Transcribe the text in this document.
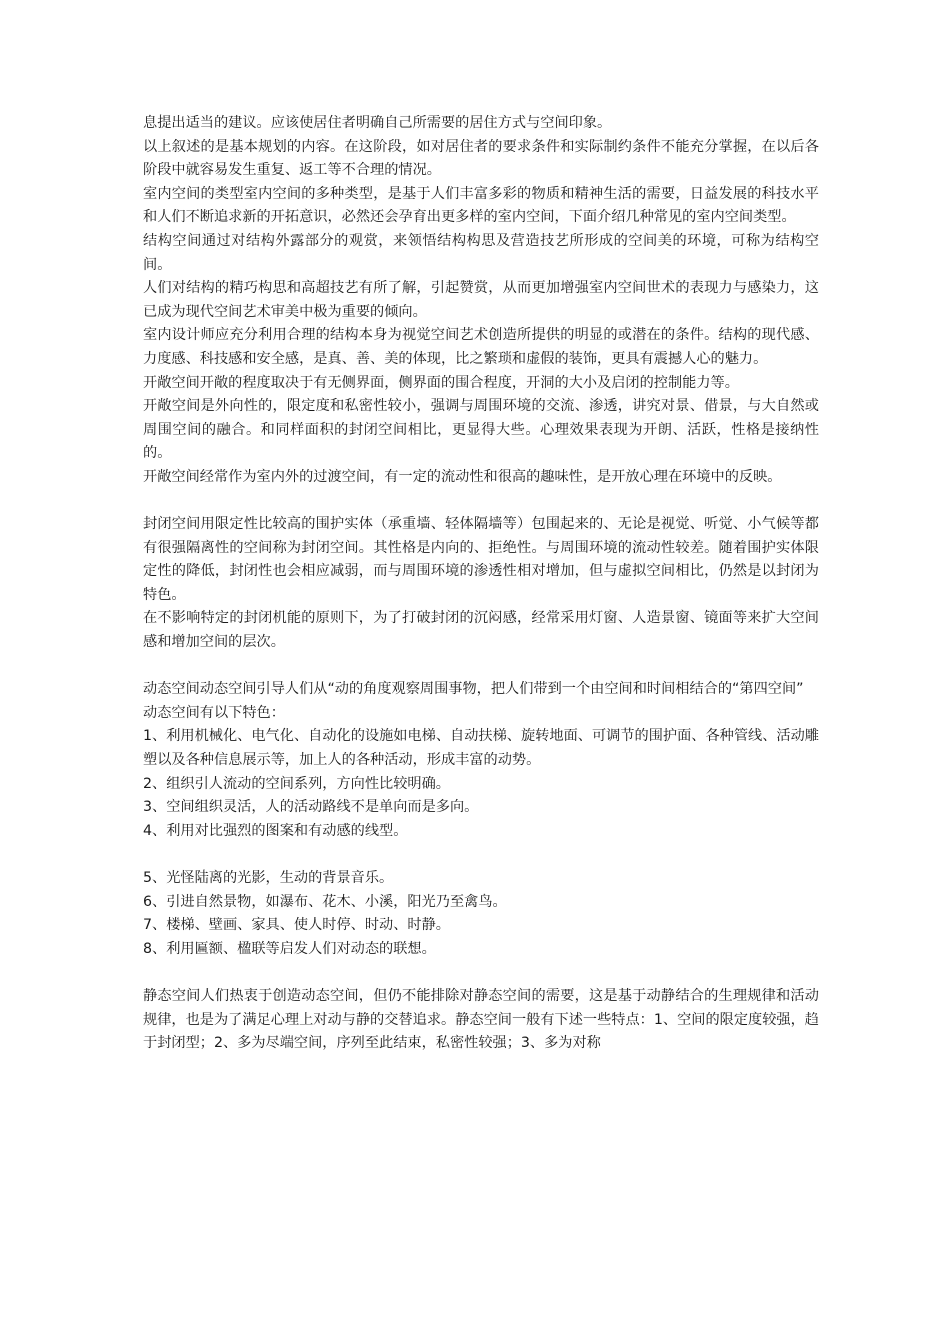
息提出适当的建议。应该使居住者明确自己所需要的居住方式与空间印象。

以上叙述的是基本规划的内容。在这阶段，如对居住者的要求条件和实际制约条件不能充分掌握，在以后各阶段中就容易发生重复、返工等不合理的情况。

室内空间的类型室内空间的多种类型，是基于人们丰富多彩的物质和精神生活的需要，日益发展的科技水平和人们不断追求新的开拓意识，必然还会孕育出更多样的室内空间，下面介绍几种常见的室内空间类型。

结构空间通过对结构外露部分的观赏，来领悟结构构思及营造技艺所形成的空间美的环境，可称为结构空间。

人们对结构的精巧构思和高超技艺有所了解，引起赞赏，从而更加增强室内空间世术的表现力与感染力，这已成为现代空间艺术审美中极为重要的倾向。

室内设计师应充分利用合理的结构本身为视觉空间艺术创造所提供的明显的或潜在的条件。结构的现代感、力度感、科技感和安全感，是真、善、美的体现，比之繁琐和虚假的装饰，更具有震撼人心的魅力。

开敞空间开敞的程度取决于有无侧界面，侧界面的围合程度，开洞的大小及启闭的控制能力等。

开敞空间是外向性的，限定度和私密性较小，强调与周围环境的交流、渗透，讲究对景、借景，与大自然或周围空间的融合。和同样面积的封闭空间相比，更显得大些。心理效果表现为开朗、活跃，性格是接纳性的。

开敞空间经常作为室内外的过渡空间，有一定的流动性和很高的趣味性，是开放心理在环境中的反映。

封闭空间用限定性比较高的围护实体（承重墙、轻体隔墙等）包围起来的、无论是视觉、听觉、小气候等都有很强隔离性的空间称为封闭空间。其性格是内向的、拒绝性。与周围环境的流动性较差。随着围护实体限定性的降低，封闭性也会相应减弱，而与周围环境的渗透性相对增加，但与虚拟空间相比，仍然是以封闭为特色。

在不影响特定的封闭机能的原则下，为了打破封闭的沉闷感，经常采用灯窗、人造景窗、镜面等来扩大空间感和增加空间的层次。

动态空间动态空间引导人们从“动的角度观察周围事物，把人们带到一个由空间和时间相结合的“第四空间”

动态空间有以下特色：

1、利用机械化、电气化、自动化的设施如电梯、自动扶梯、旋转地面、可调节的围护面、各种管线、活动雕塑以及各种信息展示等，加上人的各种活动，形成丰富的动势。

2、组织引人流动的空间系列，方向性比较明确。

3、空间组织灵活，人的活动路线不是单向而是多向。

4、利用对比强烈的图案和有动感的线型。

5、光怪陆离的光影，生动的背景音乐。

6、引进自然景物，如瀑布、花木、小溪，阳光乃至禽鸟。

7、楼梯、壁画、家具、使人时停、时动、时静。

8、利用匾额、楹联等启发人们对动态的联想。

静态空间人们热衷于创造动态空间，但仍不能排除对静态空间的需要，这是基于动静结合的生理规律和活动规律，也是为了满足心理上对动与静的交替追求。静态空间一般有下述一些特点：1、空间的限定度较强，趋于封闭型；2、多为尽端空间，序列至此结束，私密性较强；3、多为对称
